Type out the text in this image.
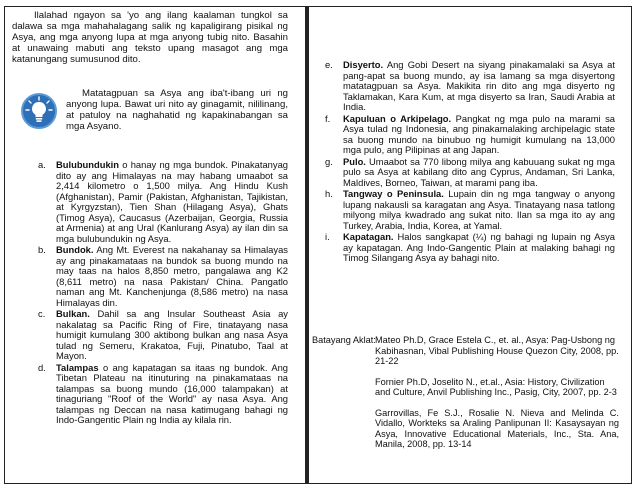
Ilalahad ngayon sa 'yo ang ilang kaalaman tungkol sa dalawa sa mga mahahalagang salik ng kapaligirang pisikal ng Asya, ang mga anyong lupa at mga anyong tubig nito. Basahin at unawaing mabuti ang teksto upang masagot ang mga katanungang sumusunod dito.

Matatagpuan sa Asya ang iba't-ibang uri ng anyong lupa. Bawat uri nito ay ginagamit, nililinang, at patuloy na naghahatid ng kapakinabangan sa mga Asyano.

a. Bulubundukin o hanay ng mga bundok. Pinakatanyag dito ay ang Himalayas na may habang umaabot sa 2,414 kilometro o 1,500 milya. Ang Hindu Kush (Afghanistan), Pamir (Pakistan, Afghanistan, Tajikistan, at Kyrgyzstan), Tien Shan (Hilagang Asya), Ghats (Timog Asya), Caucasus (Azerbaijan, Georgia, Russia at Armenia) at ang Ural (Kanlurang Asya) ay ilan din sa mga bulubundukin ng Asya.
b. Bundok. Ang Mt. Everest na nakahanay sa Himalayas ay ang pinakamataas na bundok sa buong mundo na may taas na halos 8,850 metro, pangalawa ang K2 (8,611 metro) na nasa Pakistan/ China. Pangatlo naman ang Mt. Kanchenjunga (8,586 metro) na nasa Himalayas din.
c. Bulkan. Dahil sa ang Insular Southeast Asia ay nakalatag sa Pacific Ring of Fire, tinatayang nasa humigit kumulang 300 aktibong bulkan ang nasa Asya tulad ng Semeru, Krakatoa, Fuji, Pinatubo, Taal at Mayon.
d. Talampas o ang kapatagan sa itaas ng bundok. Ang Tibetan Plateau na itinuturing na pinakamataas na talampas sa buong mundo (16,000 talampakan) at tinaguriang "Roof of the World" ay nasa Asya. Ang talampas ng Deccan na nasa katimugang bahagi ng Indo-Gangentic Plain ng India ay kilala rin.
e. Disyerto. Ang Gobi Desert na siyang pinakamalaki sa Asya at pang-apat sa buong mundo, ay isa lamang sa mga disyertong matatagpuan sa Asya. Makikita rin dito ang mga disyerto ng Taklamakan, Kara Kum, at mga disyerto sa Iran, Saudi Arabia at India.
f. Kapuluan o Arkipelago. Pangkat ng mga pulo na marami sa Asya tulad ng Indonesia, ang pinakamalaking archipelagic state sa buong mundo na binubuo ng humigit kumulang na 13,000 mga pulo, ang Pilipinas at ang Japan.
g. Pulo. Umaabot sa 770 libong milya ang kabuuang sukat ng mga pulo sa Asya at kabilang dito ang Cyprus, Andaman, Sri Lanka, Maldives, Borneo, Taiwan, at marami pang iba.
h. Tangway o Peninsula. Lupain din ng mga tangway o anyong lupang nakausli sa karagatan ang Asya. Tinatayang nasa tatlong milyong milya kwadrado ang sukat nito. Ilan sa mga ito ay ang Turkey, Arabia, India, Korea, at Yamal.
i. Kapatagan. Halos sangkapat (¼) ng bahagi ng lupain ng Asya ay kapatagan. Ang Indo-Gangentic Plain at malaking bahagi ng Timog Silangang Asya ay bahagi nito.
Batayang Aklat: Mateo Ph.D, Grace Estela C., et. al., Asya: Pag-Usbong ng Kabihasnan, Vibal Publishing House Quezon City, 2008, pp. 21-22

Fornier Ph.D, Joselito N., et.al., Asia: History, Civilization and Culture, Anvil Publishing Inc., Pasig, City, 2007, pp. 2-3

Garrovillas, Fe S.J., Rosalie N. Nieva and Melinda C. Vidallo, Workteks sa Araling Panlipunan II: Kasaysayan ng Asya, Innovative Educational Materials, Inc., Sta. Ana, Manila, 2008, pp. 13-14
